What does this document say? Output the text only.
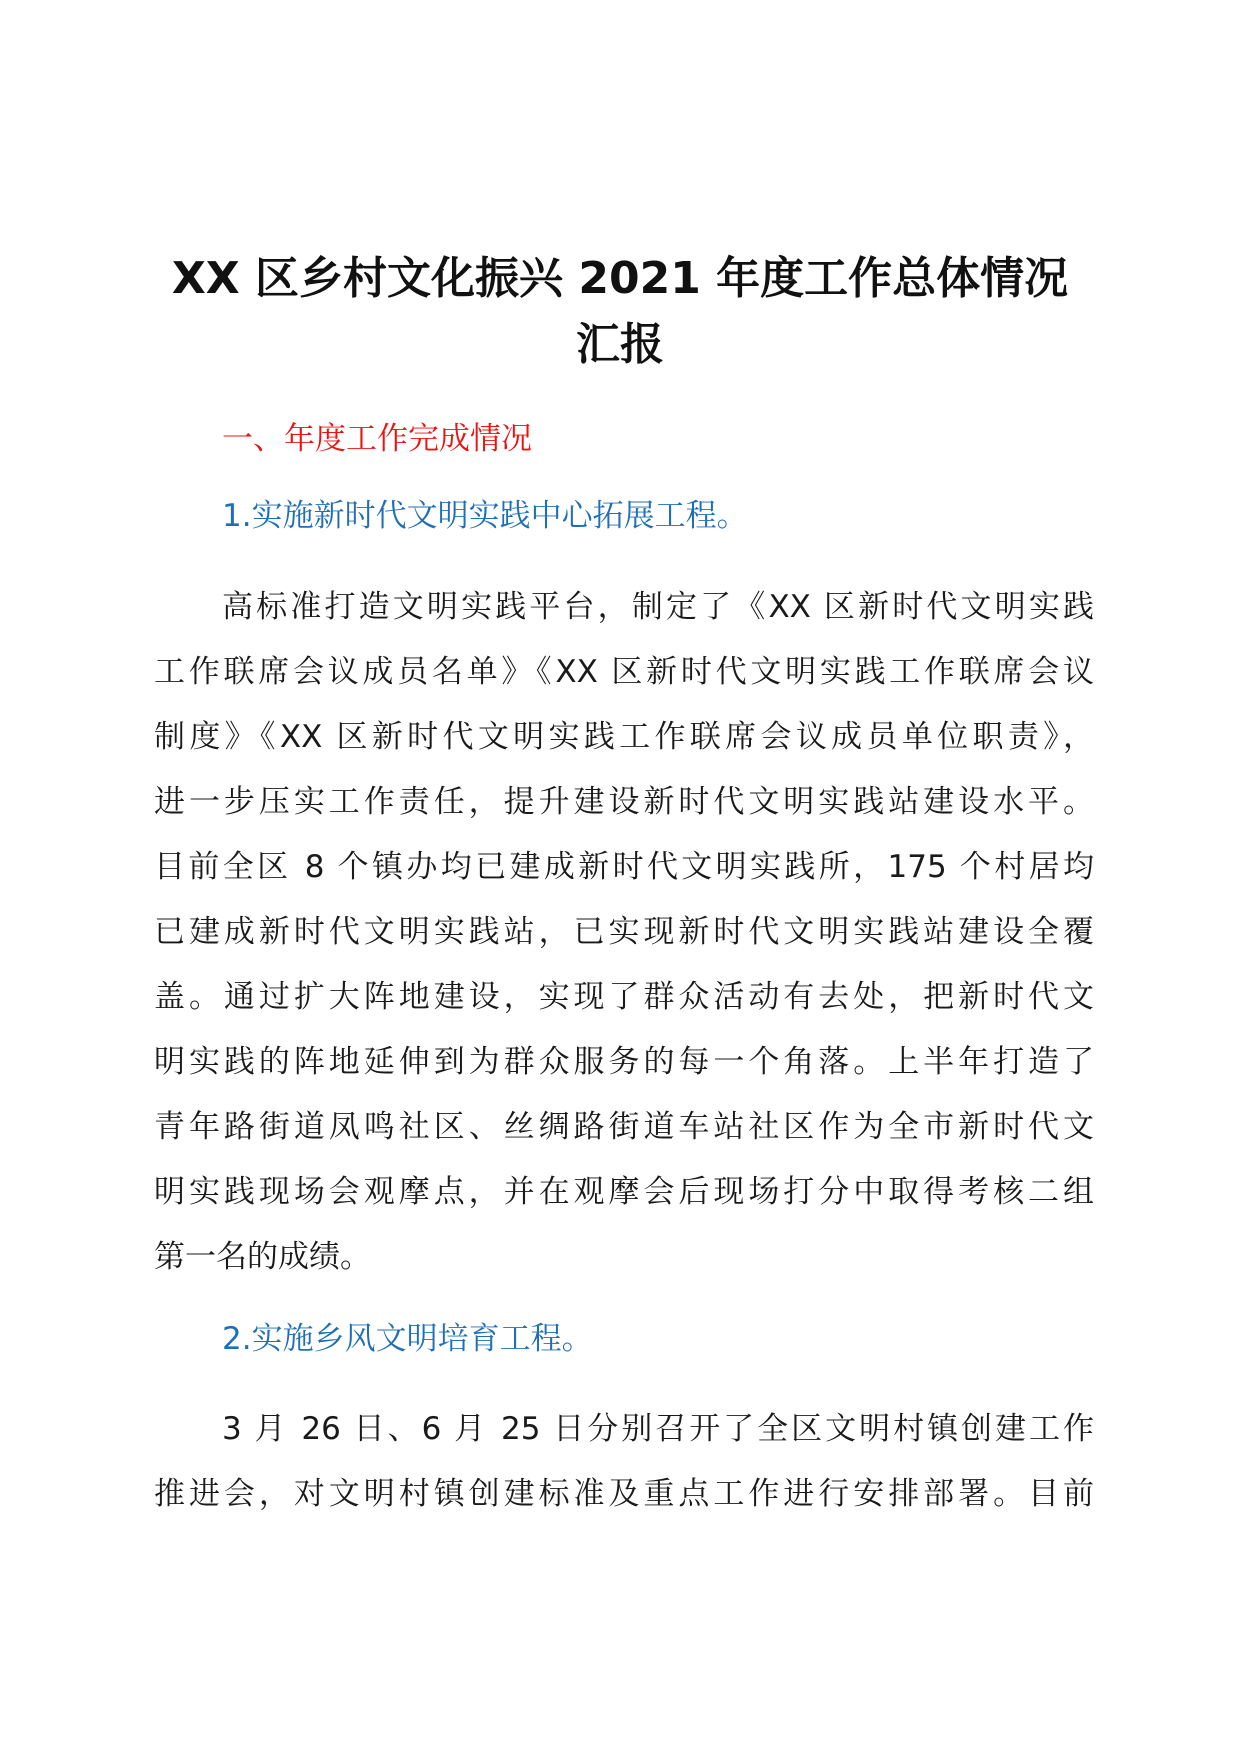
XX 区乡村文化振兴 2021 年度工作总体情况
汇报
一、年度工作完成情况
1.实施新时代文明实践中心拓展工程。
高标准打造文明实践平台，制定了《XX 区新时代文明实践
工作联席会议成员名单》《XX 区新时代文明实践工作联席会议
制度》《XX 区新时代文明实践工作联席会议成员单位职责》，
进一步压实工作责任，提升建设新时代文明实践站建设水平。
目前全区 8 个镇办均已建成新时代文明实践所，175 个村居均
已建成新时代文明实践站，已实现新时代文明实践站建设全覆
盖。通过扩大阵地建设，实现了群众活动有去处，把新时代文
明实践的阵地延伸到为群众服务的每一个角落。上半年打造了
青年路街道凤鸣社区、丝绸路街道车站社区作为全市新时代文
明实践现场会观摩点，并在观摩会后现场打分中取得考核二组
第一名的成绩。
2.实施乡风文明培育工程。
3 月 26 日、6 月 25 日分别召开了全区文明村镇创建工作
推进会，对文明村镇创建标准及重点工作进行安排部署。目前
